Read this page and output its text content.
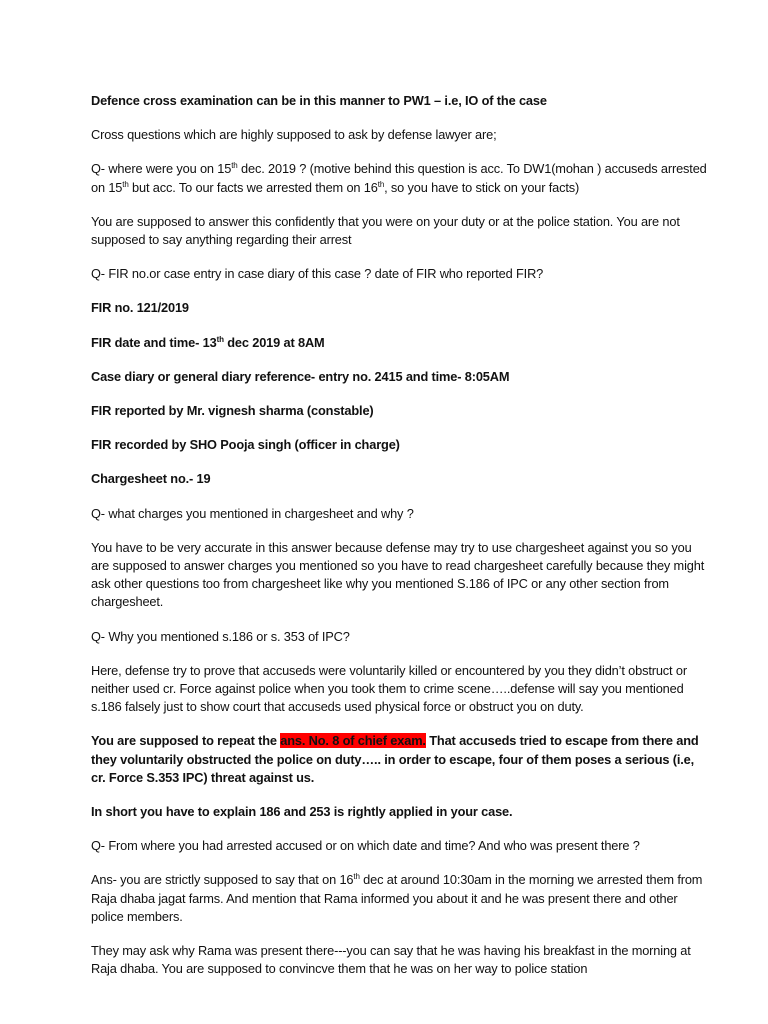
Defence cross examination can be in this manner to PW1 – i.e, IO of the case

Cross questions which are highly supposed to ask by defense lawyer are;

Q- where were you on 15th dec. 2019 ? (motive behind this question is acc. To DW1(mohan ) accuseds arrested on 15th but acc. To our facts we arrested them on 16th, so you have to stick on your facts)

You are supposed to answer this confidently that you were on your duty or at the police station. You are not supposed to say anything regarding their arrest

Q- FIR no.or case entry in case diary of this case ? date of FIR who reported FIR?

FIR no. 121/2019

FIR date and time- 13th dec 2019 at 8AM

Case diary or general diary reference- entry no. 2415 and time- 8:05AM

FIR reported by Mr. vignesh sharma (constable)

FIR recorded by SHO Pooja singh (officer in charge)

Chargesheet no.- 19

Q- what charges you mentioned in chargesheet and why ?

You have to be very accurate in this answer because defense may try to use chargesheet against you so you are supposed to answer charges you mentioned so you have to read chargesheet carefully because they might ask other questions too from chargesheet like why you mentioned S.186 of IPC or any other section from chargesheet.

Q- Why you mentioned s.186 or s. 353 of IPC?

Here, defense try to prove that accuseds were voluntarily killed or encountered by you they didn’t obstruct or neither used cr. Force against police when you took them to crime scene…..defense will say you mentioned s.186 falsely just to show court that accuseds used physical force or obstruct you on duty.

You are supposed to repeat the ans. No. 8 of chief exam. That accuseds tried to escape from there and they voluntarily obstructed the police on duty….. in order to escape, four of them poses a serious (i.e, cr. Force S.353 IPC) threat against us.

In short you have to explain 186 and 253 is rightly applied in your case.

Q- From where you had arrested accused or on which date and time? And who was present there ?

Ans- you are strictly supposed to say that on 16th dec at around 10:30am in the morning we arrested them from Raja dhaba jagat farms. And mention that Rama informed you about it and he was present there and other police members.

They may ask why Rama was present there---you can say that he was having his breakfast in the morning at Raja dhaba. You are supposed to convincve them that he was on her way to police station
